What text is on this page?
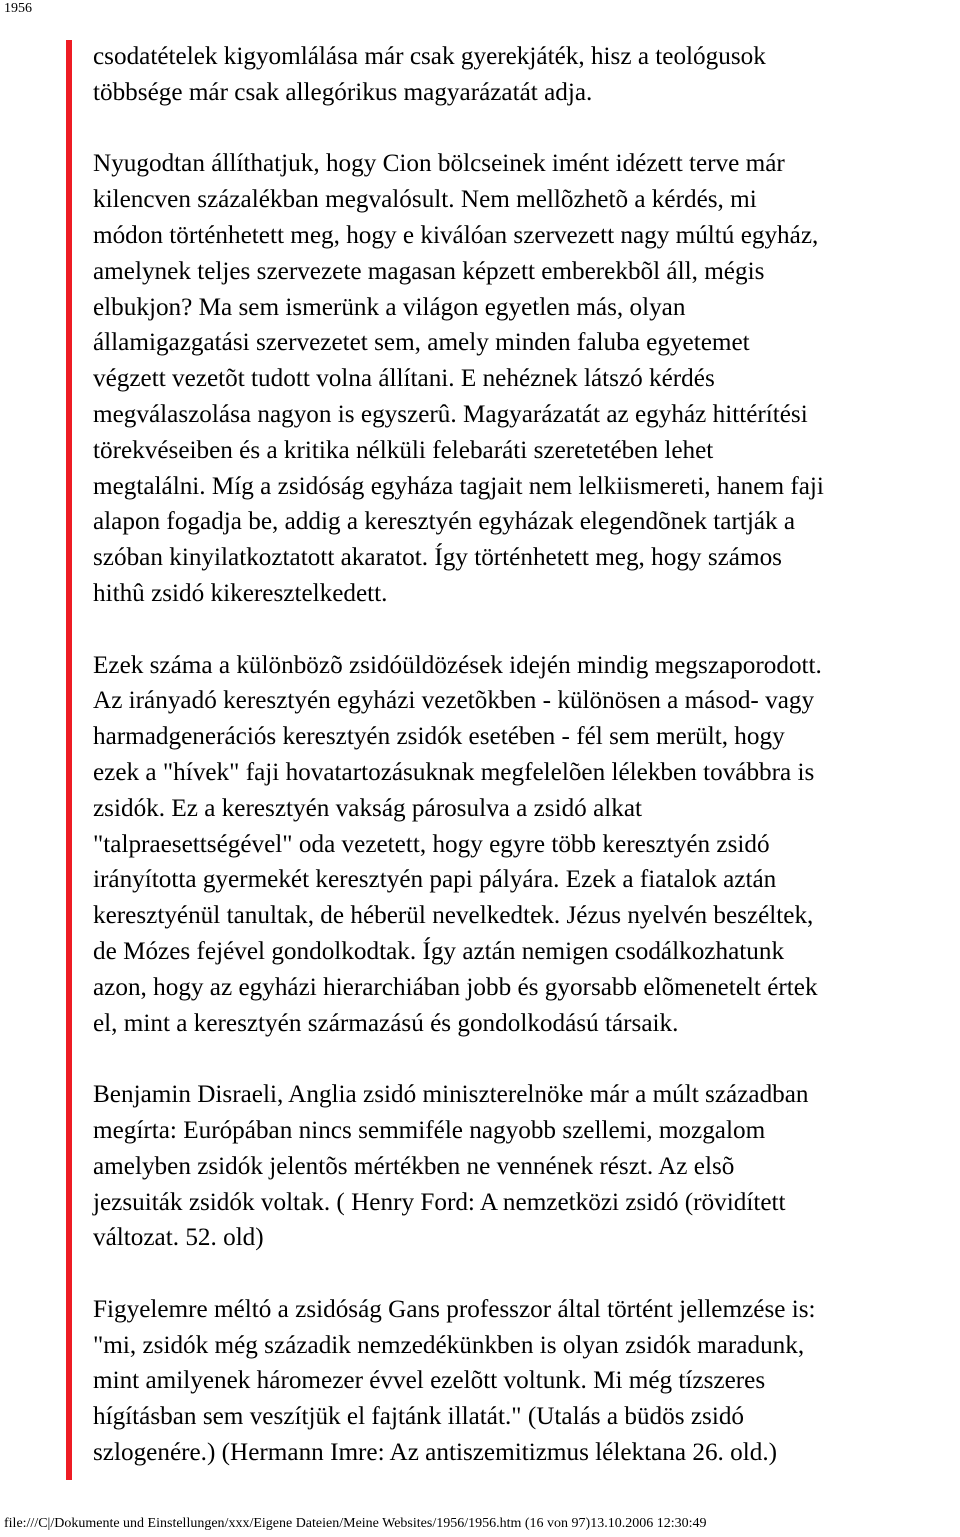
1956

csodatételek kigyomlálása már csak gyerekjáték, hisz a teológusok
többsége már csak allegórikus magyarázatát adja.

Nyugodtan állíthatjuk, hogy Cion bölcseinek imént idézett terve már
kilencven százalékban megvalósult. Nem mellõzhetõ a kérdés, mi
módon történhetett meg, hogy e kiválóan szervezett nagy múltú egyház,
amelynek teljes szervezete magasan képzett emberekbõl áll, mégis
elbukjon? Ma sem ismerünk a világon egyetlen más, olyan
államigazgatási szervezetet sem, amely minden faluba egyetemet
végzett vezetõt tudott volna állítani. E nehéznek látszó kérdés
megválaszolása nagyon is egyszerû. Magyarázatát az egyház hittérítési
törekvéseiben és a kritika nélküli felebaráti szeretetében lehet
megtalálni. Míg a zsidóság egyháza tagjait nem lelkiismereti, hanem faji
alapon fogadja be, addig a keresztyén egyházak elegendõnek tartják a
szóban kinyilatkoztatott akaratot. Így történhetett meg, hogy számos
hithû zsidó kikeresztelkedett.

Ezek száma a különbözõ zsidóüldözések idején mindig megszaporodott.
Az irányadó keresztyén egyházi vezetõkben - különösen a másod- vagy
harmadgenerációs keresztyén zsidók esetében - fél sem merült, hogy
ezek a "hívek" faji hovatartozásuknak megfelelõen lélekben továbbra is
zsidók. Ez a keresztyén vakság párosulva a zsidó alkat
"talpraesettségével" oda vezetett, hogy egyre több keresztyén zsidó
irányította gyermekét keresztyén papi pályára. Ezek a fiatalok aztán
keresztyénül tanultak, de héberül nevelkedtek. Jézus nyelvén beszéltek,
de Mózes fejével gondolkodtak. Így aztán nemigen csodálkozhatunk
azon, hogy az egyházi hierarchiában jobb és gyorsabb elõmenetelt értek
el, mint a keresztyén származású és gondolkodású társaik.

Benjamin Disraeli, Anglia zsidó miniszterelnöke már a múlt században
megírta: Európában nincs semmiféle nagyobb szellemi, mozgalom
amelyben zsidók jelentõs mértékben ne vennének részt. Az elsõ
jezsuiták zsidók voltak. ( Henry Ford: A nemzetközi zsidó (rövidített
változat. 52. old)

Figyelemre méltó a zsidóság Gans professzor által történt jellemzése is:
"mi, zsidók még századik nemzedékünkben is olyan zsidók maradunk,
mint amilyenek háromezer évvel ezelõtt voltunk. Mi még tízszeres
hígításban sem veszítjük el fajtánk illatát." (Utalás a büdös zsidó
szlogenére.) (Hermann Imre: Az antiszemitizmus lélektana 26. old.)

file:///C|/Dokumente und Einstellungen/xxx/Eigene Dateien/Meine Websites/1956/1956.htm (16 von 97)13.10.2006 12:30:49
